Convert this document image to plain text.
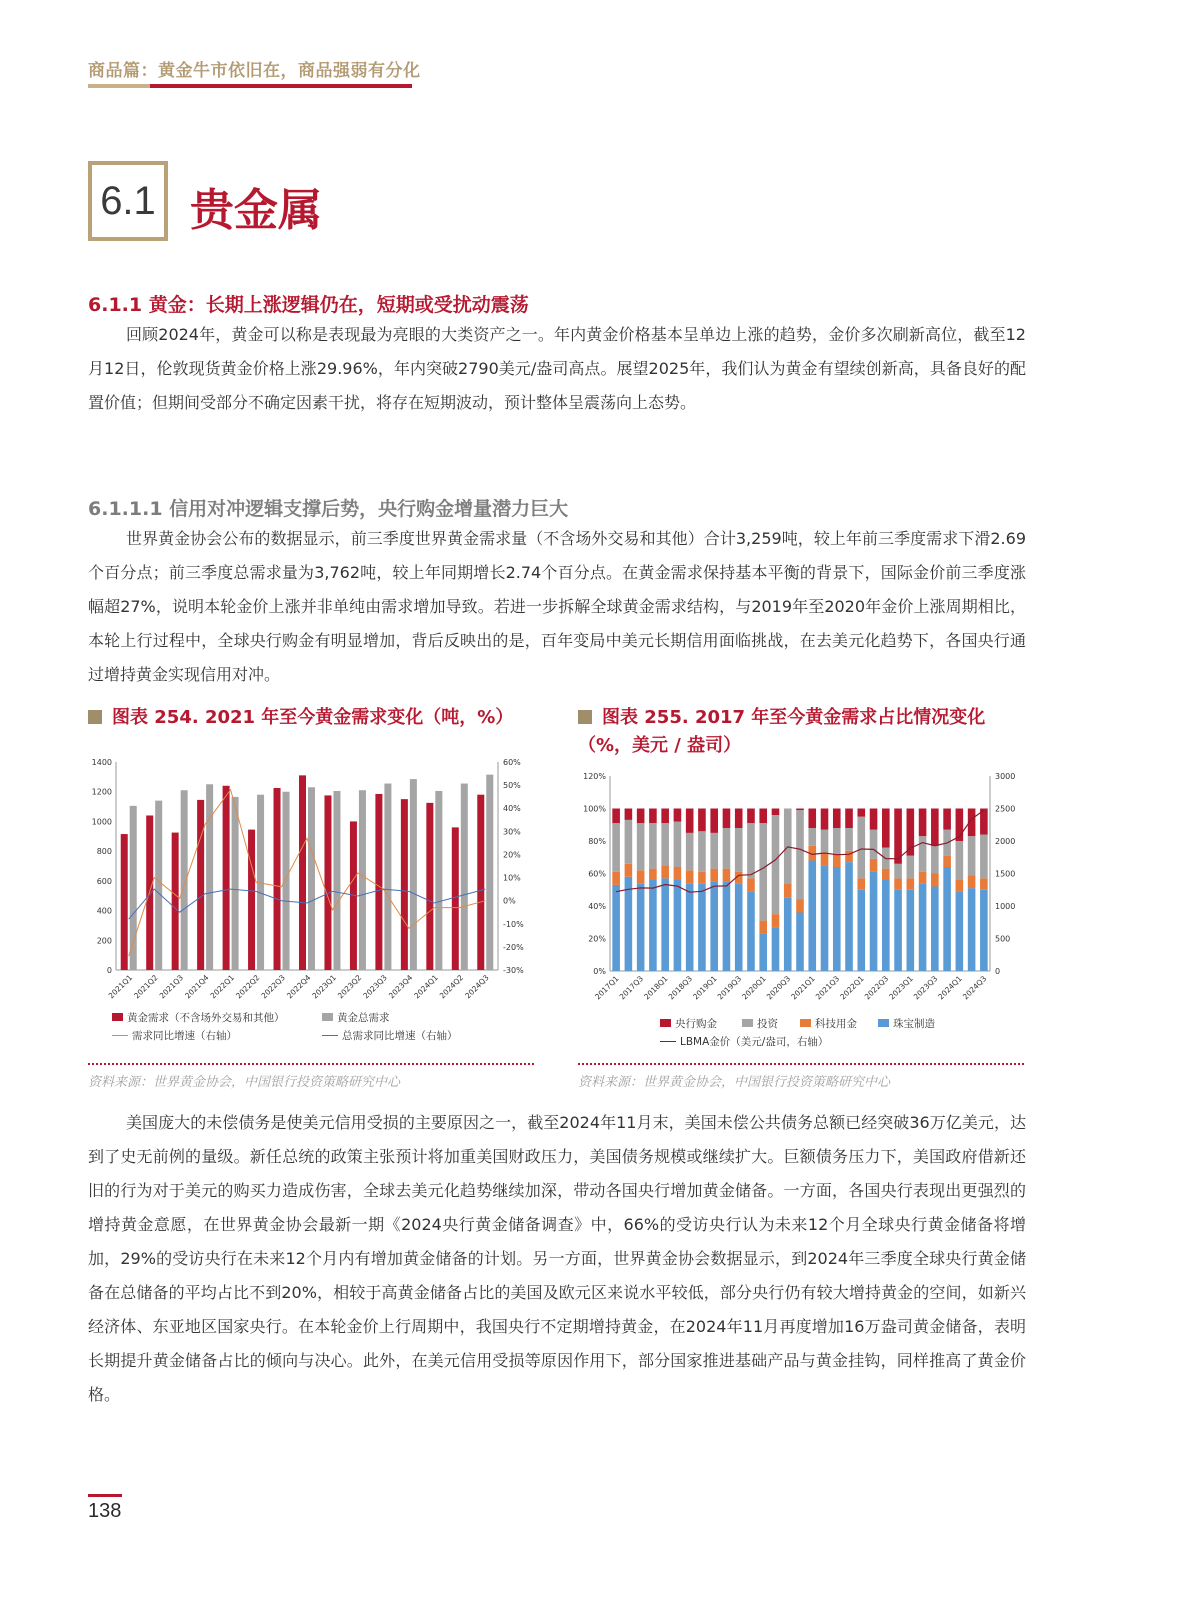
商品篇：黄金牛市依旧在，商品强弱有分化
6.1 贵金属
6.1.1 黄金：长期上涨逻辑仍在，短期或受扰动震荡

回顾2024年，黄金可以称是表现最为亮眼的大类资产之一。年内黄金价格基本呈单边上涨的趋势，金价多次刷新高位，截至12月12日，伦敦现货黄金价格上涨29.96%，年内突破2790美元/盎司高点。展望2025年，我们认为黄金有望续创新高，具备良好的配置价值；但期间受部分不确定因素干扰，将存在短期波动，预计整体呈震荡向上态势。

6.1.1.1 信用对冲逻辑支撑后势，央行购金增量潜力巨大

世界黄金协会公布的数据显示，前三季度世界黄金需求量（不含场外交易和其他）合计3,259吨，较上年前三季度需求下滑2.69个百分点；前三季度总需求量为3,762吨，较上年同期增长2.74个百分点。在黄金需求保持基本平衡的背景下，国际金价前三季度涨幅超27%，说明本轮金价上涨并非单纯由需求增加导致。若进一步拆解全球黄金需求结构，与2019年至2020年金价上涨周期相比，本轮上行过程中，全球央行购金有明显增加，背后反映出的是，百年变局中美元长期信用面临挑战，在去美元化趋势下，各国央行通过增持黄金实现信用对冲。

图表 254. 2021 年至今黄金需求变化（吨，%）
0
200
400
600
800
1000
1200
1400
-30%
-20%
-10%
0%
10%
20%
30%
40%
50%
60%
2021Q1
2021Q2
2021Q3
2021Q4
2022Q1
2022Q2
2022Q3
2022Q4
2023Q1
2023Q2
2023Q3
2023Q4
2024Q1
2024Q2
2024Q3
黄金需求（不含场外交易和其他）	黄金总需求
需求同比增速（右轴）	总需求同比增速（右轴）
资料来源：世界黄金协会，中国银行投资策略研究中心
图表 255. 2017 年至今黄金需求占比情况变化（%，美元 / 盎司）
0%
20%
40%
60%
80%
100%
120%
0
500
1000
1500
2000
2500
3000
2017Q1
2017Q3
2018Q1
2018Q3
2019Q1
2019Q3
2020Q1
2020Q3
2021Q1
2021Q3
2022Q1
2022Q3
2023Q1
2023Q3
2024Q1
2024Q3
央行购金	投资	科技用金	珠宝制造
LBMA金价（美元/盎司，右轴）
资料来源：世界黄金协会，中国银行投资策略研究中心

美国庞大的未偿债务是使美元信用受损的主要原因之一，截至2024年11月末，美国未偿公共债务总额已经突破36万亿美元，达到了史无前例的量级。新任总统的政策主张预计将加重美国财政压力，美国债务规模或继续扩大。巨额债务压力下，美国政府借新还旧的行为对于美元的购买力造成伤害，全球去美元化趋势继续加深，带动各国央行增加黄金储备。一方面，各国央行表现出更强烈的增持黄金意愿，在世界黄金协会最新一期《2024央行黄金储备调查》中，66%的受访央行认为未来12个月全球央行黄金储备将增加，29%的受访央行在未来12个月内有增加黄金储备的计划。另一方面，世界黄金协会数据显示，到2024年三季度全球央行黄金储备在总储备的平均占比不到20%，相较于高黄金储备占比的美国及欧元区来说水平较低，部分央行仍有较大增持黄金的空间，如新兴经济体、东亚地区国家央行。在本轮金价上行周期中，我国央行不定期增持黄金，在2024年11月再度增加16万盎司黄金储备，表明长期提升黄金储备占比的倾向与决心。此外，在美元信用受损等原因作用下，部分国家推进基础产品与黄金挂钩，同样推高了黄金价格。

138
